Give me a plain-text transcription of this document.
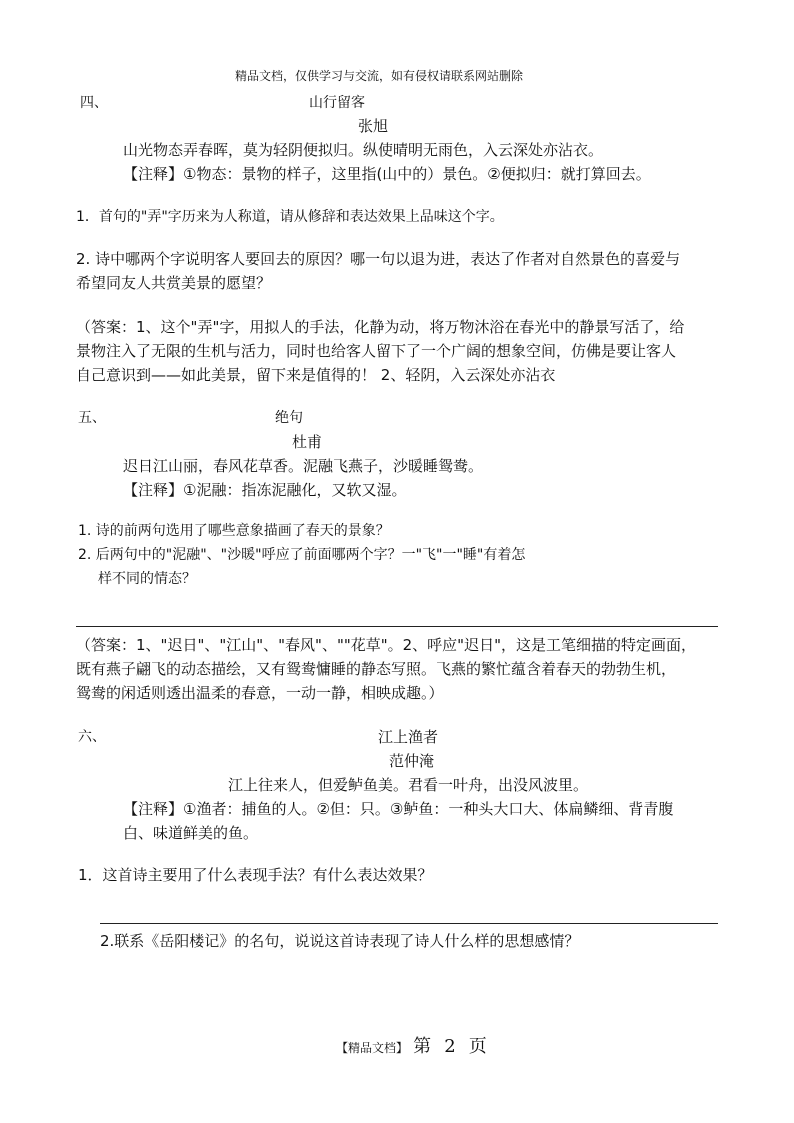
精品文档，仅供学习与交流，如有侵权请联系网站删除
四、	山行留客
张旭
山光物态弄春晖，莫为轻阴便拟归。纵使晴明无雨色，入云深处亦沾衣。
【注释】①物态：景物的样子，这里指(山中的）景色。②便拟归：就打算回去。
1．首句的"弄"字历来为人称道，请从修辞和表达效果上品味这个字。
2. 诗中哪两个字说明客人要回去的原因？哪一句以退为进，表达了作者对自然景色的喜爱与
希望同友人共赏美景的愿望？
（答案：1、这个"弄"字，用拟人的手法，化静为动，将万物沐浴在春光中的静景写活了，给
景物注入了无限的生机与活力，同时也给客人留下了一个广阔的想象空间，仿佛是要让客人
自己意识到——如此美景，留下来是值得的！ 2、轻阴，入云深处亦沾衣
五、	绝句
杜甫
迟日江山丽，春风花草香。泥融飞燕子，沙暖睡鸳鸯。
【注释】①泥融：指冻泥融化，又软又湿。
1. 诗的前两句选用了哪些意象描画了春天的景象？
2. 后两句中的"泥融"、"沙暖"呼应了前面哪两个字？一"飞"一"睡"有着怎
样不同的情态？
（答案：1、"迟日"、"江山"、"春风"、""花草"。2、呼应"迟日"，这是工笔细描的特定画面，
既有燕子翩飞的动态描绘，又有鸳鸯慵睡的静态写照。飞燕的繁忙蕴含着春天的勃勃生机，
鸳鸯的闲适则透出温柔的春意，一动一静，相映成趣。）
六、	江上渔者
范仲淹
江上往来人，但爱鲈鱼美。君看一叶舟，出没风波里。
【注释】①渔者：捕鱼的人。②但：只。③鲈鱼：一种头大口大、体扁鳞细、背青腹
白、味道鲜美的鱼。
1．这首诗主要用了什么表现手法？有什么表达效果？
2.联系《岳阳楼记》的名句，说说这首诗表现了诗人什么样的思想感情？
【精品文档】 第 2 页
